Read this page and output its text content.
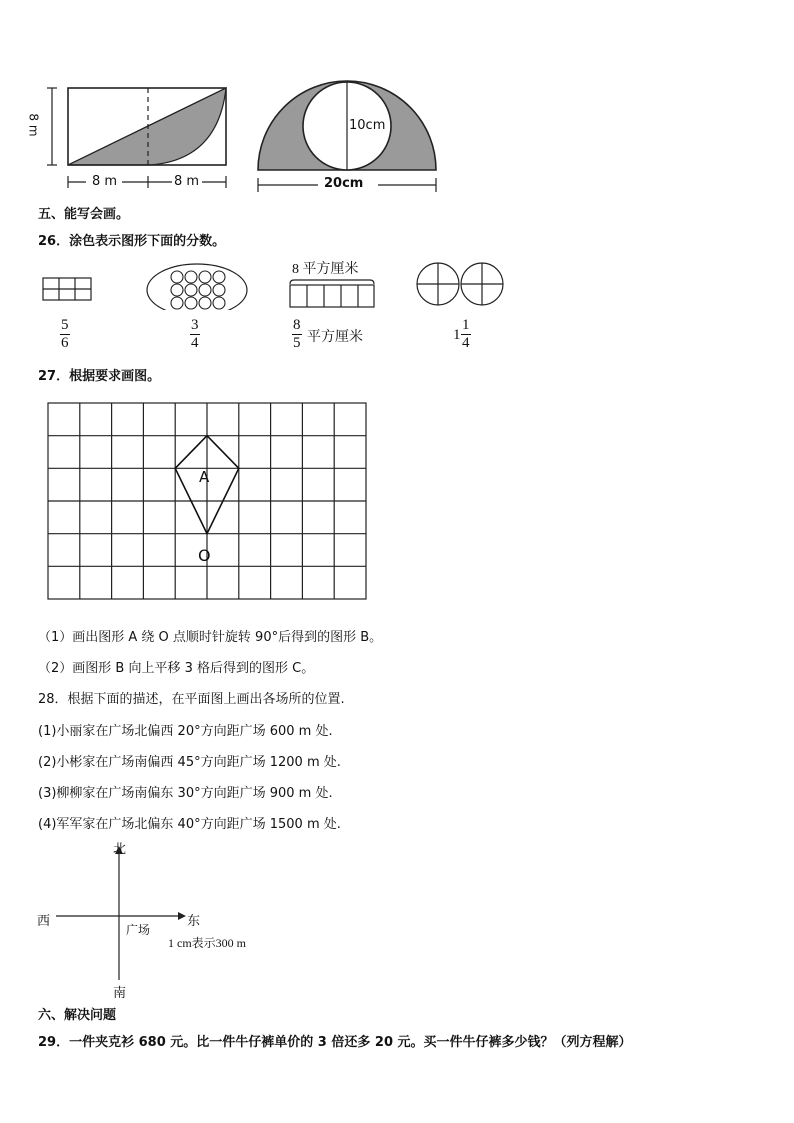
8 m
8 m	8 m
10cm
20cm
五、能写会画。
26．涂色表示图形下面的分数。
8 平方厘米
5
6
3
4
8
5 平方厘米	1
1
4
27．根据要求画图。
A
O
（1）画出图形 A 绕 O 点顺时针旋转 90°后得到的图形 B。
（2）画图形 B 向上平移 3 格后得到的图形 C。
28．根据下面的描述，在平面图上画出各场所的位置.
(1)小丽家在广场北偏西 20°方向距广场 600 m 处.
(2)小彬家在广场南偏西 45°方向距广场 1200 m 处.
(3)柳柳家在广场南偏东 30°方向距广场 900 m 处.
(4)军军家在广场北偏东 40°方向距广场 1500 m 处.
北
南
西	东
广场
1 cm表示300 m
六、解决问题
29．一件夹克衫 680 元。比一件牛仔裤单价的 3 倍还多 20 元。买一件牛仔裤多少钱？（列方程解）
